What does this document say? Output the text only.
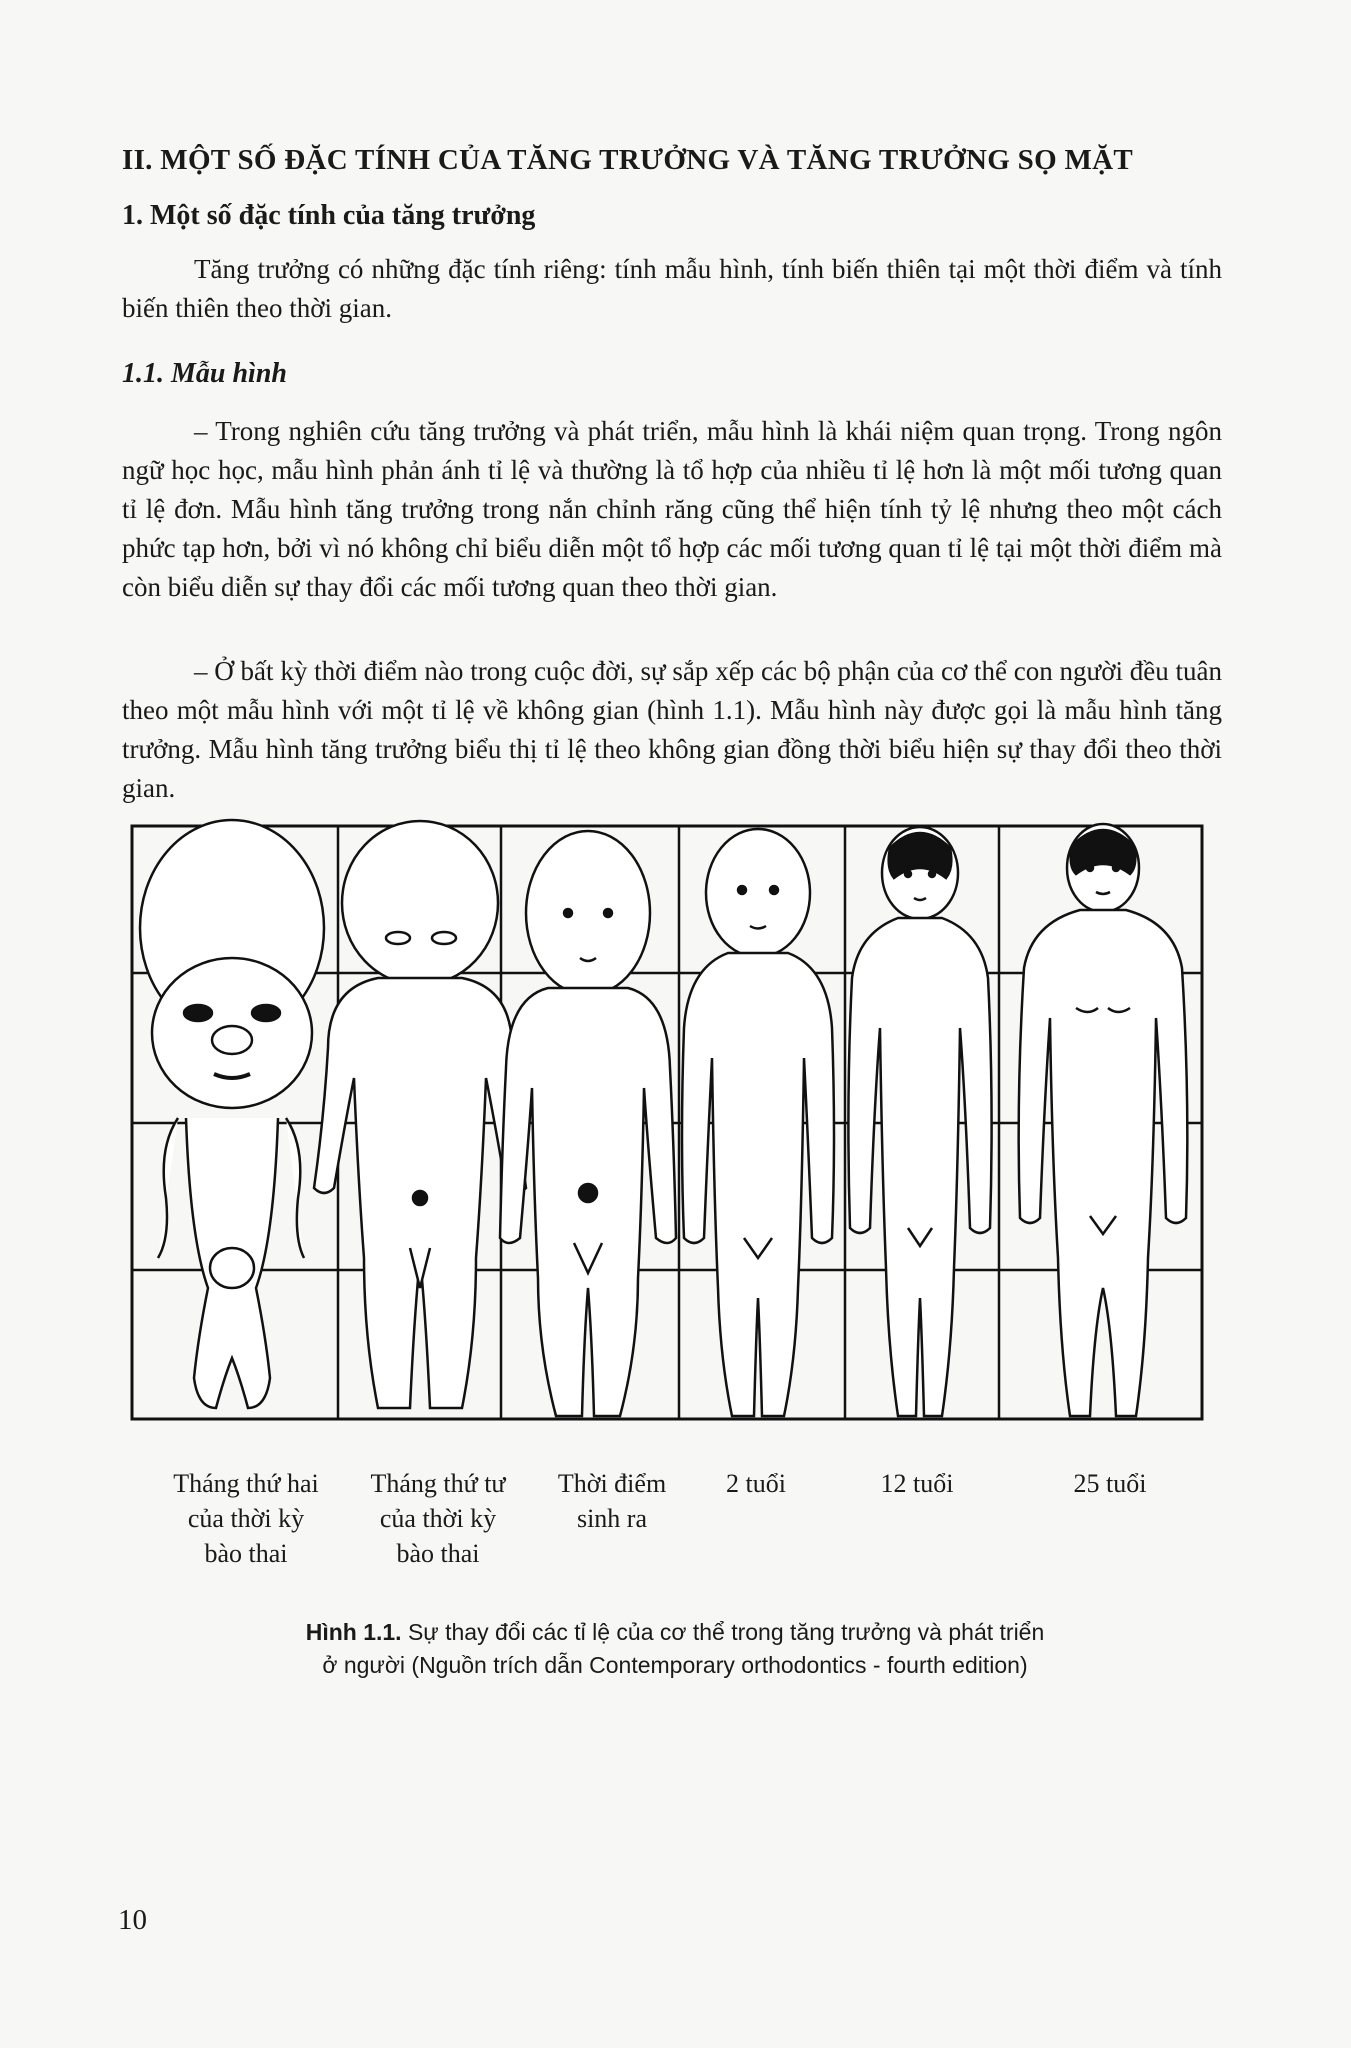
II. MỘT SỐ ĐẶC TÍNH CỦA TĂNG TRƯỞNG VÀ TĂNG TRƯỞNG SỌ MẶT
1. Một số đặc tính của tăng trưởng

Tăng trưởng có những đặc tính riêng: tính mẫu hình, tính biến thiên tại một thời điểm và tính biến thiên theo thời gian.

1.1. Mẫu hình

– Trong nghiên cứu tăng trưởng và phát triển, mẫu hình là khái niệm quan trọng. Trong ngôn ngữ học học, mẫu hình phản ánh tỉ lệ và thường là tổ hợp của nhiều tỉ lệ hơn là một mối tương quan tỉ lệ đơn. Mẫu hình tăng trưởng trong nắn chỉnh răng cũng thể hiện tính tỷ lệ nhưng theo một cách phức tạp hơn, bởi vì nó không chỉ biểu diễn một tổ hợp các mối tương quan tỉ lệ tại một thời điểm mà còn biểu diễn sự thay đổi các mối tương quan theo thời gian.

– Ở bất kỳ thời điểm nào trong cuộc đời, sự sắp xếp các bộ phận của cơ thể con người đều tuân theo một mẫu hình với một tỉ lệ về không gian (hình 1.1). Mẫu hình này được gọi là mẫu hình tăng trưởng. Mẫu hình tăng trưởng biểu thị tỉ lệ theo không gian đồng thời biểu hiện sự thay đổi theo thời gian.

Tháng thứ hai
của thời kỳ
bào thai
Tháng thứ tư
của thời kỳ
bào thai
Thời điểm
sinh ra
2 tuổi	12 tuổi	25 tuổi
Hình 1.1. Sự thay đổi các tỉ lệ của cơ thể trong tăng trưởng và phát triển
ở người (Nguồn trích dẫn Contemporary orthodontics - fourth edition)
10
